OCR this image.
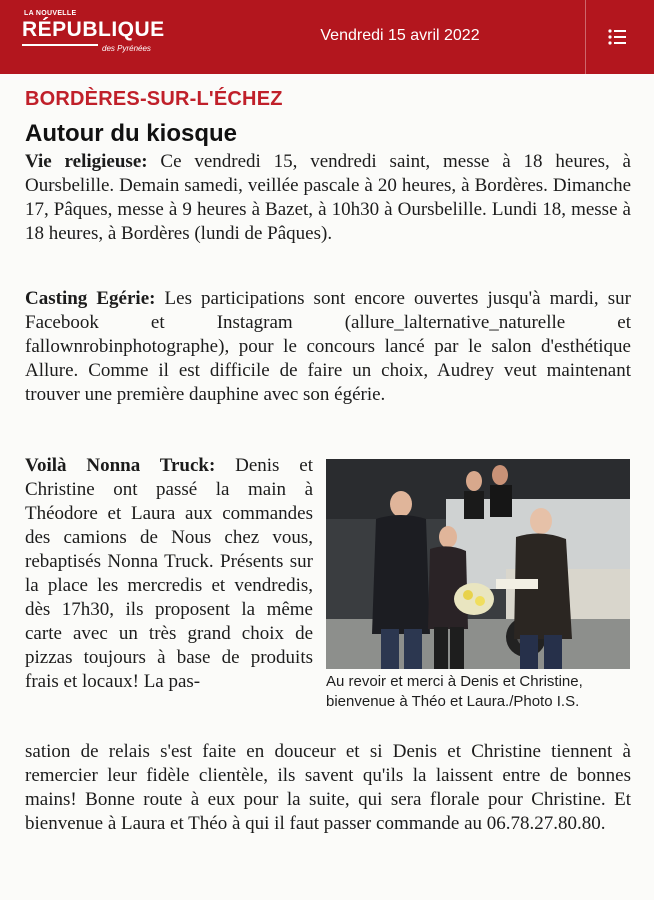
LA NOUVELLE
RÉPUBLIQUE
des Pyrénées
Vendredi 15 avril 2022
BORDÈRES-SUR-L'ÉCHEZ
Autour du kiosque

Vie religieuse: Ce vendredi 15, vendredi saint, messe à 18 heures, à Oursbelille. Demain samedi, veillée pascale à 20 heures, à Bordères. Dimanche 17, Pâques, messe à 9 heures à Bazet, à 10h30 à Oursbelille. Lundi 18, messe à 18 heures, à Bordères (lundi de Pâques).

Casting Egérie: Les participations sont encore ouvertes jusqu'à mardi, sur Facebook et Instagram (allure_lalternative_naturelle et fallownrobinphotographe), pour le concours lancé par le salon d'esthétique Allure. Comme il est difficile de faire un choix, Audrey veut maintenant trouver une première dauphine avec son égérie.

Voilà Nonna Truck: Denis et Christine ont passé la main à Théodore et Laura aux commandes des camions de Nous chez vous, rebaptisés Nonna Truck. Présents sur la place les mercredis et vendredis, dès 17h30, ils proposent la même carte avec un très grand choix de pizzas toujours à base de produits frais et locaux! La pas-	Au revoir et merci à Denis et Christine, bienvenue à Théo et Laura./Photo I.S.

sation de relais s'est faite en douceur et si Denis et Christine tiennent à remercier leur fidèle clientèle, ils savent qu'ils la laissent entre de bonnes mains! Bonne route à eux pour la suite, qui sera florale pour Christine. Et bienvenue à Laura et Théo à qui il faut passer commande au 06.78.27.80.80.
